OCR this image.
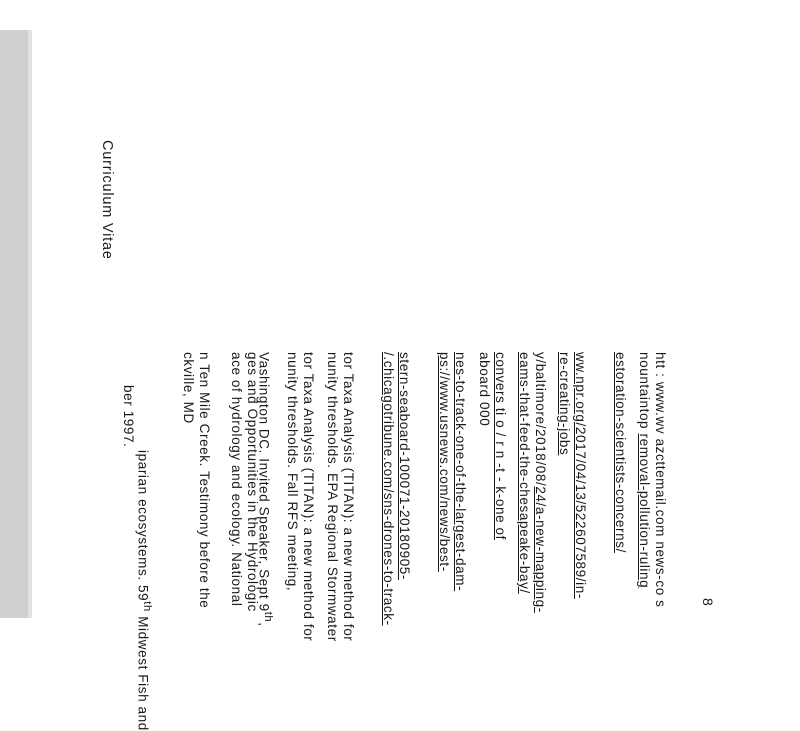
Curriculum Vitae
iparian ecosystems. 59th Midwest Fish and
ber 1997.	n Ten Mile Creek. Testimony before the
ckville, MD ace of hydrology and ecology. National ges and Opportunities in the Hydrologic
Vashington DC. Invited Speaker, Sept 9th,	tor Taxa Analysis (TITAN): a new method for
nunity thresholds. Fall RFS meeting,	tor Taxa Analysis (TITAN): a new method for
nunity thresholds. EPA Regional Stormwater	/.chicagotribune.com/sns-drones-to-track- stern-seaboard-100071-20180905- ps://www.usnews.com/news/best- nes-to-track-one-of-the-largest-dam- convers ti o / r n -t - k-one of
aboard 000	y/baltimore/2018/08/24/a-new-mapping-
eams-that-feed-the-chesapeake-bay/	ww.npr.org/2017/04/13/522607589/in-
re-creating-jobs	estoration-scientists-concerns/ htt : www.wv azcttemail.com news-co s
nountaintop removal-pollution-ruling
8
